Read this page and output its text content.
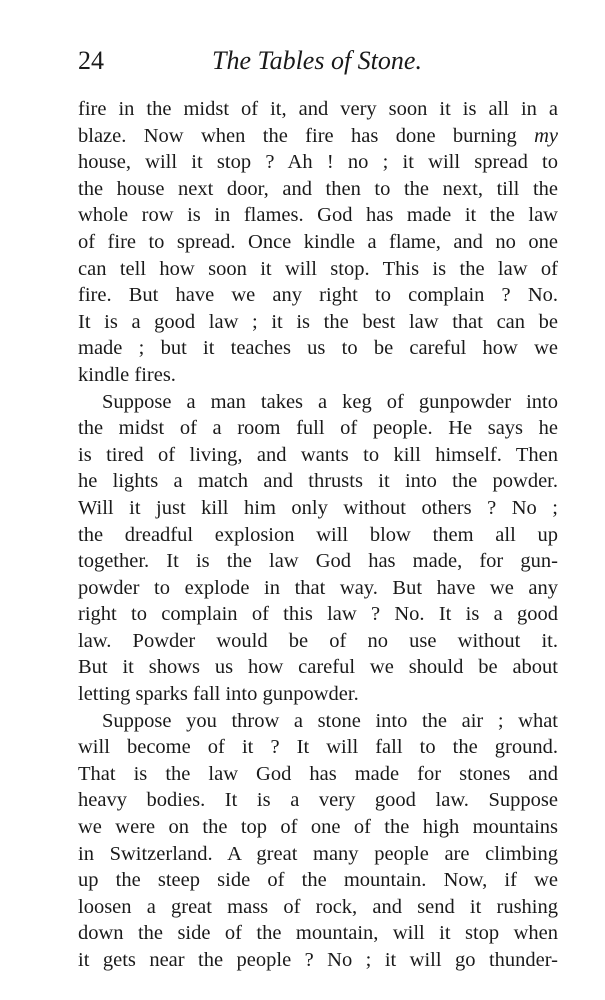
24	The Tables of Stone.

fire in the midst of it, and very soon it is all in a
blaze. Now when the fire has done burning my
house, will it stop ? Ah ! no ; it will spread to
the house next door, and then to the next, till the
whole row is in flames. God has made it the law
of fire to spread. Once kindle a flame, and no one
can tell how soon it will stop. This is the law of
fire. But have we any right to complain ? No.
It is a good law ; it is the best law that can be
made ; but it teaches us to be careful how we
kindle fires.

Suppose a man takes a keg of gunpowder into
the midst of a room full of people. He says he
is tired of living, and wants to kill himself. Then
he lights a match and thrusts it into the powder.
Will it just kill him only without others ? No ;
the dreadful explosion will blow them all up
together. It is the law God has made, for gun-
powder to explode in that way. But have we any
right to complain of this law ? No. It is a good
law. Powder would be of no use without it.
But it shows us how careful we should be about
letting sparks fall into gunpowder.

Suppose you throw a stone into the air ; what
will become of it ? It will fall to the ground.
That is the law God has made for stones and
heavy bodies. It is a very good law. Suppose
we were on the top of one of the high mountains
in Switzerland. A great many people are climbing
up the steep side of the mountain. Now, if we
loosen a great mass of rock, and send it rushing
down the side of the mountain, will it stop when
it gets near the people ? No ; it will go thunder-
